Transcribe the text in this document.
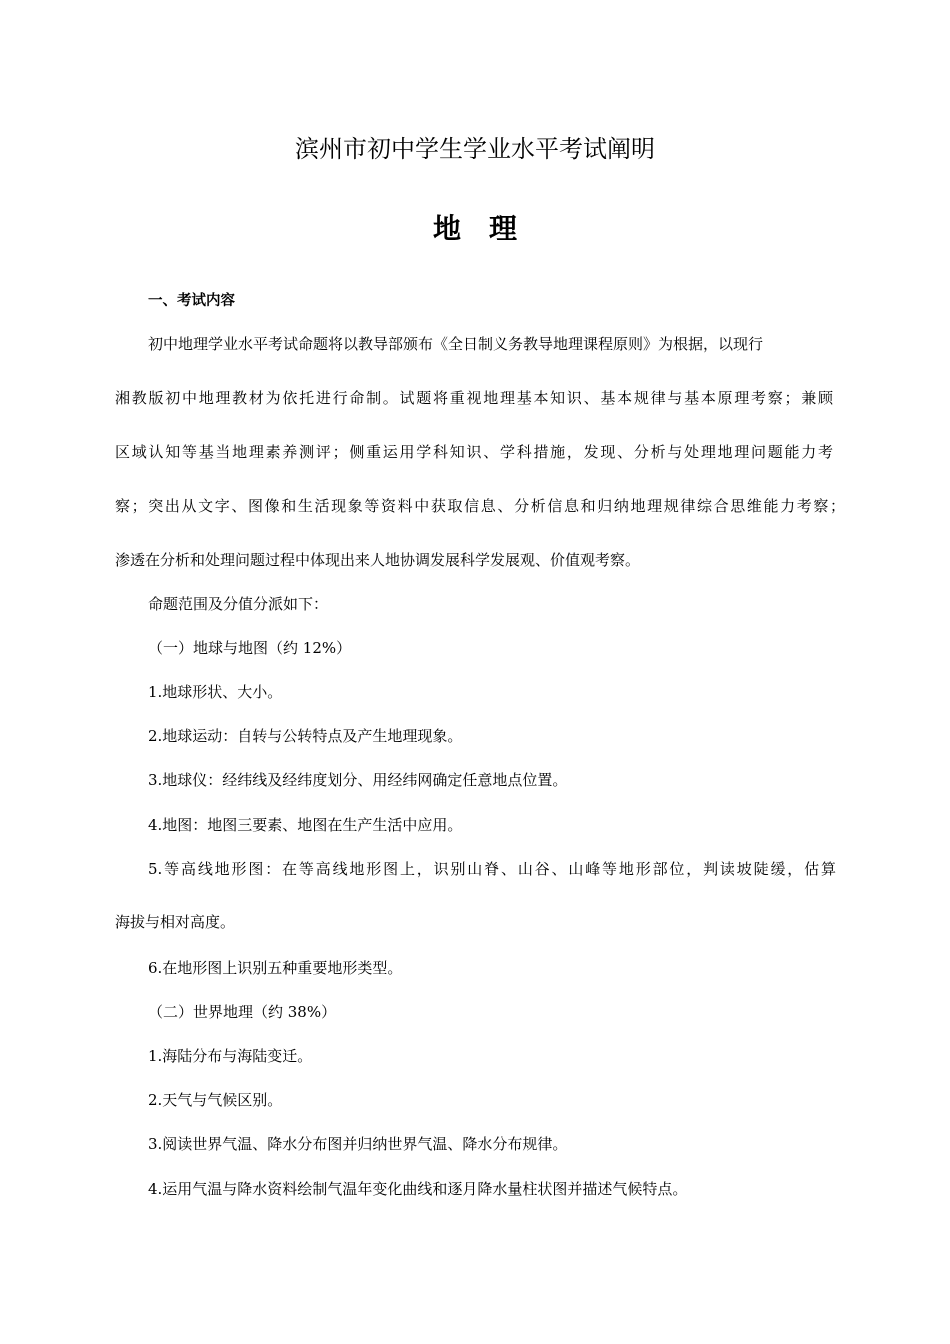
滨州市初中学生学业水平考试阐明
地理
一、考试内容
初中地理学业水平考试命题将以教导部颁布《全日制义务教导地理课程原则》为根据，以现行
湘教版初中地理教材为依托进行命制。试题将重视地理基本知识、基本规律与基本原理考察；兼顾
区域认知等基当地理素养测评；侧重运用学科知识、学科措施，发现、分析与处理地理问题能力考
察；突出从文字、图像和生活现象等资料中获取信息、分析信息和归纳地理规律综合思维能力考察；
渗透在分析和处理问题过程中体现出来人地协调发展科学发展观、价值观考察。
命题范围及分值分派如下：
（一）地球与地图（约 12%）
1.地球形状、大小。
2.地球运动：自转与公转特点及产生地理现象。
3.地球仪：经纬线及经纬度划分、用经纬网确定任意地点位置。
4.地图：地图三要素、地图在生产生活中应用。
5.等高线地形图：在等高线地形图上，识别山脊、山谷、山峰等地形部位，判读坡陡缓，估算
海拔与相对高度。
6.在地形图上识别五种重要地形类型。
（二）世界地理（约 38%）
1.海陆分布与海陆变迁。
2.天气与气候区别。
3.阅读世界气温、降水分布图并归纳世界气温、降水分布规律。
4.运用气温与降水资料绘制气温年变化曲线和逐月降水量柱状图并描述气候特点。
